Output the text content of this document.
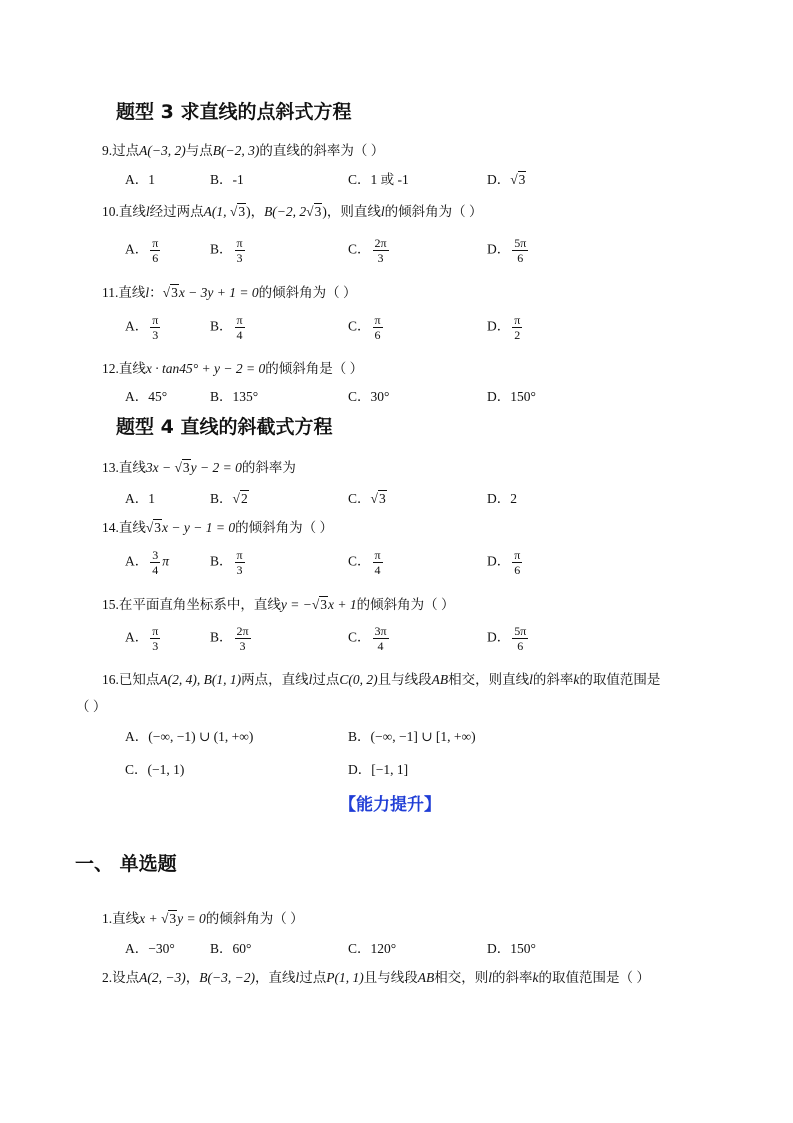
题型 3 求直线的点斜式方程
9.过点A(−3, 2)与点B(−2, 3)的直线的斜率为（ ）
A．1	B．-1	C．1 或 -1	D．√3
10.直线l经过两点A(1, √3)，B(−2, 2√3)，则直线l的倾斜角为（ ）
A． $\frac{\pi}{6}$	B． $\frac{\pi}{3}$	C． $\frac{2\pi}{3}$	D． $\frac{5\pi}{6}$
11.直线l：√3x − 3y + 1 = 0的倾斜角为（ ）
A． $\frac{\pi}{3}$	B． $\frac{\pi}{4}$	C． $\frac{\pi}{6}$	D． $\frac{\pi}{2}$
12.直线x · tan45° + y − 2 = 0的倾斜角是（ ）
A．45°	B．135°	C．30°	D．150°
题型 4 直线的斜截式方程
13.直线3x − √3y − 2 = 0的斜率为
A．1	B．√2	C．√3	D．2
14.直线√3x − y − 1 = 0的倾斜角为（ ）
A． $\frac{3}{4}$ π	B． $\frac{\pi}{3}$	C． $\frac{\pi}{4}$	D． $\frac{\pi}{6}$
15.在平面直角坐标系中，直线y = −√3x + 1的倾斜角为（ ）
A． $\frac{\pi}{3}$	B． $\frac{2\pi}{3}$	C． $\frac{3\pi}{4}$	D． $\frac{5\pi}{6}$
16.已知点A(2, 4), B(1, 1)两点，直线l过点C(0, 2)且与线段AB相交，则直线l的斜率k的取值范围是
（ ）
A．(−∞, −1) ∪ (1, +∞)	B．(−∞, −1] ∪ [1, +∞)
C．(−1, 1)	D．[−1, 1]
【能力提升】
一、 单选题
1.直线x + √3y = 0的倾斜角为（ ）
A．−30°	B．60°	C．120°	D．150°
2.设点A(2, −3)，B(−3, −2)，直线l过点P(1, 1)且与线段AB相交，则l的斜率k的取值范围是（ ）
